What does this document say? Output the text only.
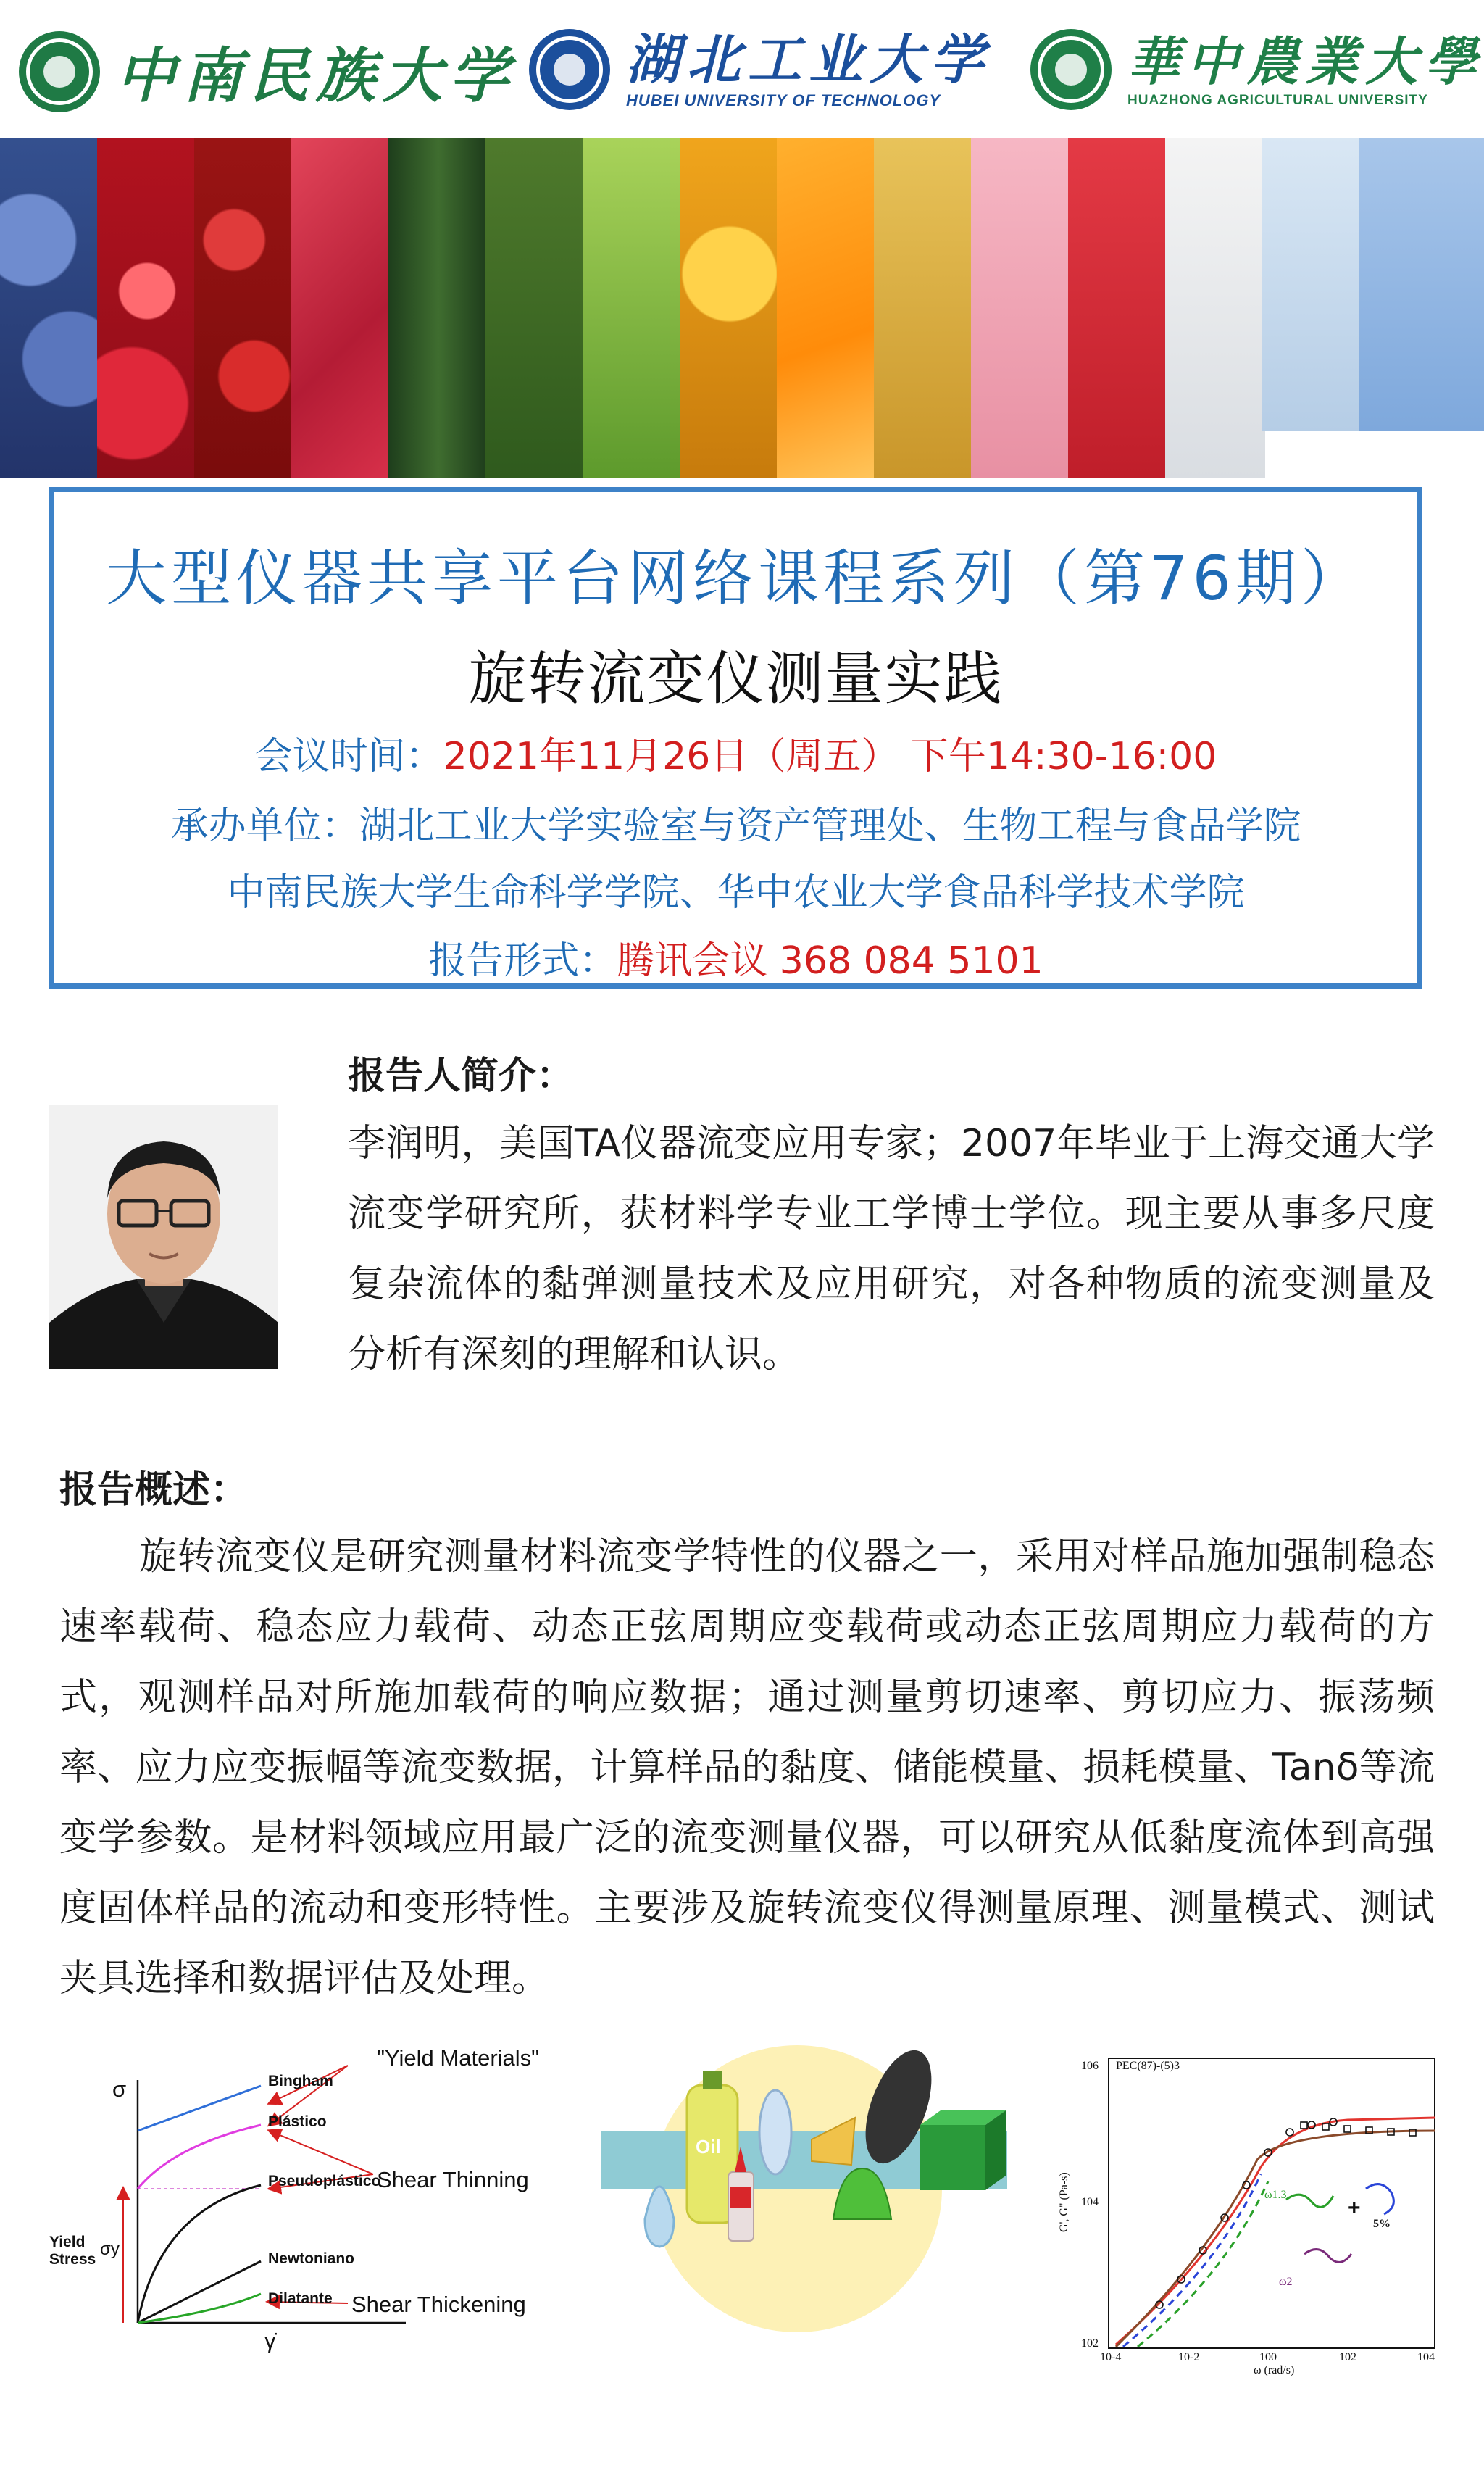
中南民族大学 湖北工业大学
HUBEI UNIVERSITY OF TECHNOLOGY
華中農業大學
HUAZHONG AGRICULTURAL UNIVERSITY
大型仪器共享平台网络课程系列（第76期）
旋转流变仪测量实践
会议时间：2021年11月26日（周五） 下午14:30-16:00
承办单位：湖北工业大学实验室与资产管理处、生物工程与食品学院
中南民族大学生命科学学院、华中农业大学食品科学技术学院
报告形式：腾讯会议 368 084 5101
报告人简介：
李润明，美国TA仪器流变应用专家；2007年毕业于上海交通大学流变学研究所，获材料学专业工学博士学位。现主要从事多尺度复杂流体的黏弹测量技术及应用研究，对各种物质的流变测量及分析有深刻的理解和认识。
报告概述：
旋转流变仪是研究测量材料流变学特性的仪器之一，采用对样品施加强制稳态速率载荷、稳态应力载荷、动态正弦周期应变载荷或动态正弦周期应力载荷的方式，观测样品对所施加载荷的响应数据；通过测量剪切速率、剪切应力、振荡频率、应力应变振幅等流变数据，计算样品的黏度、储能模量、损耗模量、Tanδ等流变学参数。是材料领域应用最广泛的流变测量仪器，可以研究从低黏度流体到高强度固体样品的流动和变形特性。主要涉及旋转流变仪得测量原理、测量模式、测试夹具选择和数据评估及处理。
σ
γ̇
Yield Stress
σy
"Yield Materials"
Shear Thinning
Shear Thickening
Bingham
Plástico
Pseudoplástico
Newtoniano
Dilatante
Oil
PEC(87)-(5)3
G', G" (Pa-s)
ω (rad/s)
10-4	10-2	100	102	104
106
104
102
5%
ω1.3
ω2
+
